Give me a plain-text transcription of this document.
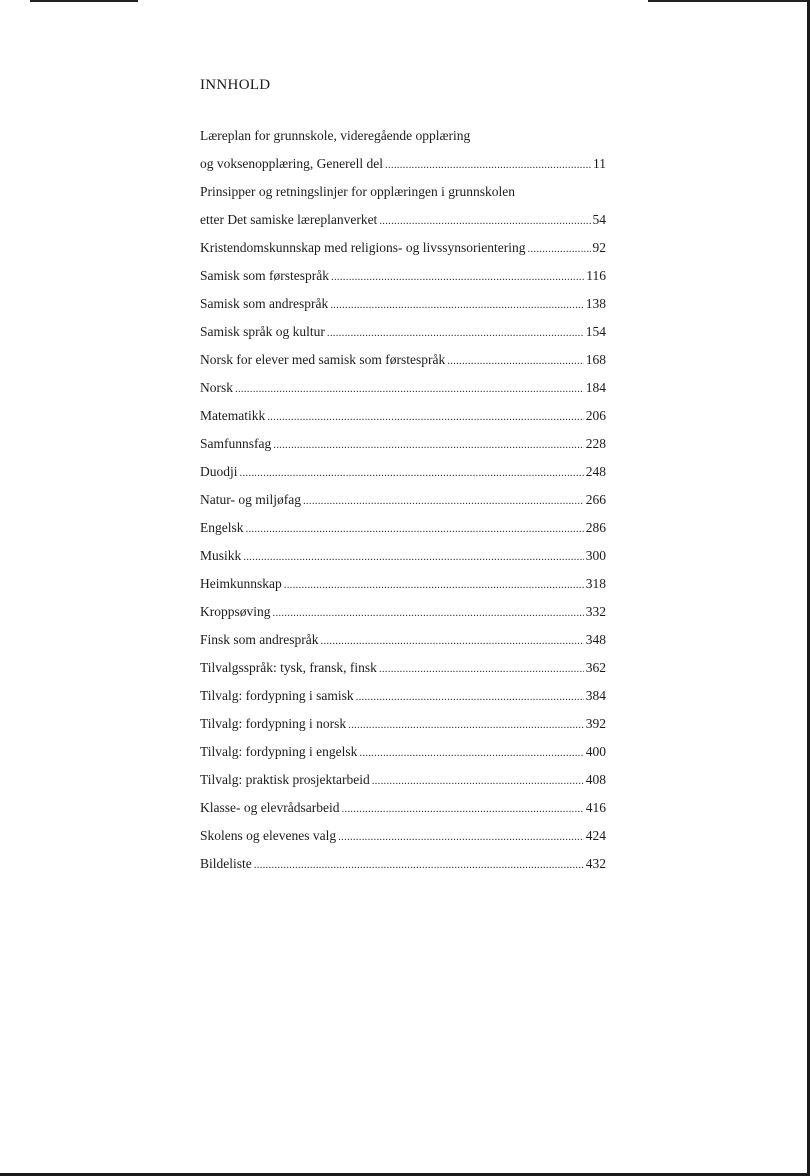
INNHOLD
Læreplan for grunnskole, videregående opplæring
og voksenopplæring, Generell del .....	11
Prinsipper og retningslinjer for opplæringen i grunnskolen
etter Det samiske læreplanverket .....	54
Kristendomskunnskap med religions- og livssynsorientering .....	92
Samisk som førstespråk .....	116
Samisk som andrespråk .....	138
Samisk språk og kultur .....	154
Norsk for elever med samisk som førstespråk .....	168
Norsk .....	184
Matematikk .....	206
Samfunnsfag .....	228
Duodji .....	248
Natur- og miljøfag .....	266
Engelsk .....	286
Musikk .....	300
Heimkunnskap .....	318
Kroppsøving .....	332
Finsk som andrespråk .....	348
Tilvalgsspråk: tysk, fransk, finsk .....	362
Tilvalg: fordypning i samisk .....	384
Tilvalg: fordypning i norsk .....	392
Tilvalg: fordypning i engelsk .....	400
Tilvalg: praktisk prosjektarbeid .....	408
Klasse- og elevrådsarbeid .....	416
Skolens og elevenes valg .....	424
Bildeliste .....	432
